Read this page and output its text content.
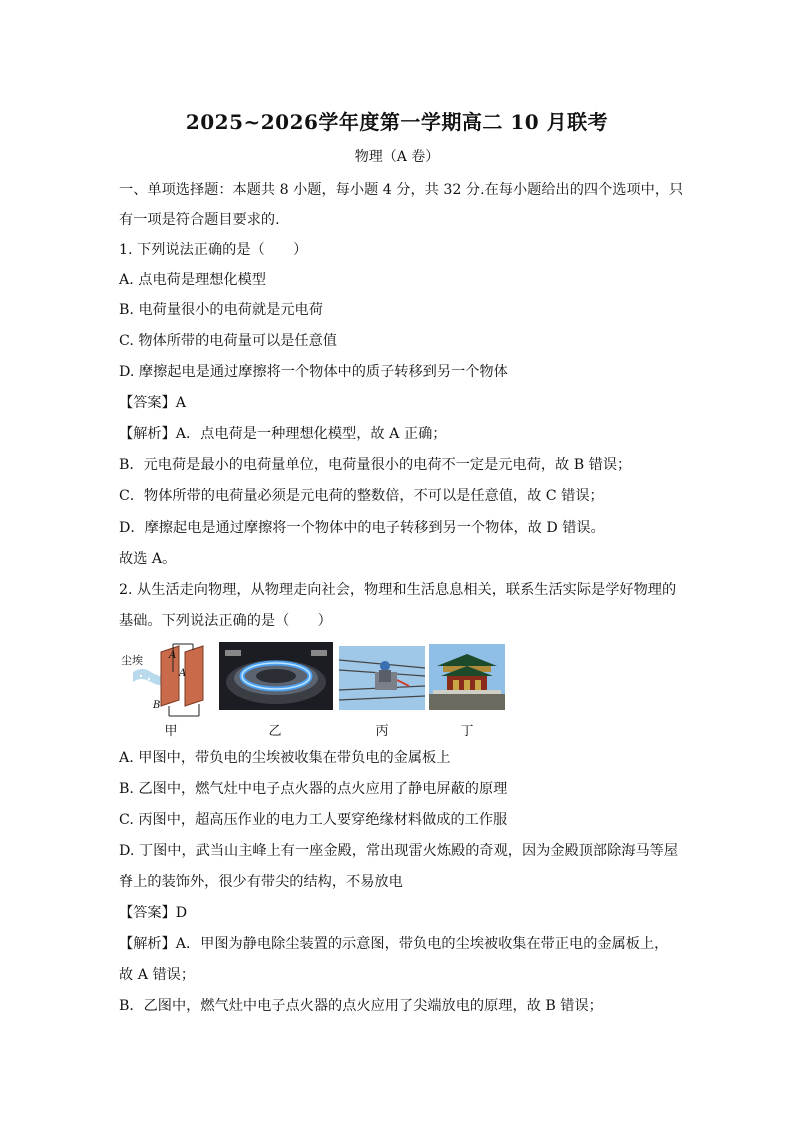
2025~2026学年度第一学期高二 10 月联考
物理（A 卷）
一、单项选择题：本题共 8 小题，每小题 4 分，共 32 分.在每小题给出的四个选项中，只
有一项是符合题目要求的.
1. 下列说法正确的是（　　）
A. 点电荷是理想化模型
B. 电荷量很小的电荷就是元电荷
C. 物体所带的电荷量可以是任意值
D. 摩擦起电是通过摩擦将一个物体中的质子转移到另一个物体
【答案】A
【解析】A．点电荷是一种理想化模型，故 A 正确；
B．元电荷是最小的电荷量单位，电荷量很小的电荷不一定是元电荷，故 B 错误；
C．物体所带的电荷量必须是元电荷的整数倍，不可以是任意值，故 C 错误；
D．摩擦起电是通过摩擦将一个物体中的电子转移到另一个物体，故 D 错误。
故选 A。
2. 从生活走向物理，从物理走向社会，物理和生活息息相关，联系生活实际是学好物理的
基础。下列说法正确的是（　　）
尘埃	A
A
B
甲	乙	丙	丁
A. 甲图中，带负电的尘埃被收集在带负电的金属板上
B. 乙图中，燃气灶中电子点火器的点火应用了静电屏蔽的原理
C. 丙图中，超高压作业的电力工人要穿绝缘材料做成的工作服
D. 丁图中，武当山主峰上有一座金殿，常出现雷火炼殿的奇观，因为金殿顶部除海马等屋
脊上的装饰外，很少有带尖的结构，不易放电
【答案】D
【解析】A．甲图为静电除尘装置的示意图，带负电的尘埃被收集在带正电的金属板上，
故 A 错误；
B．乙图中，燃气灶中电子点火器的点火应用了尖端放电的原理，故 B 错误；
